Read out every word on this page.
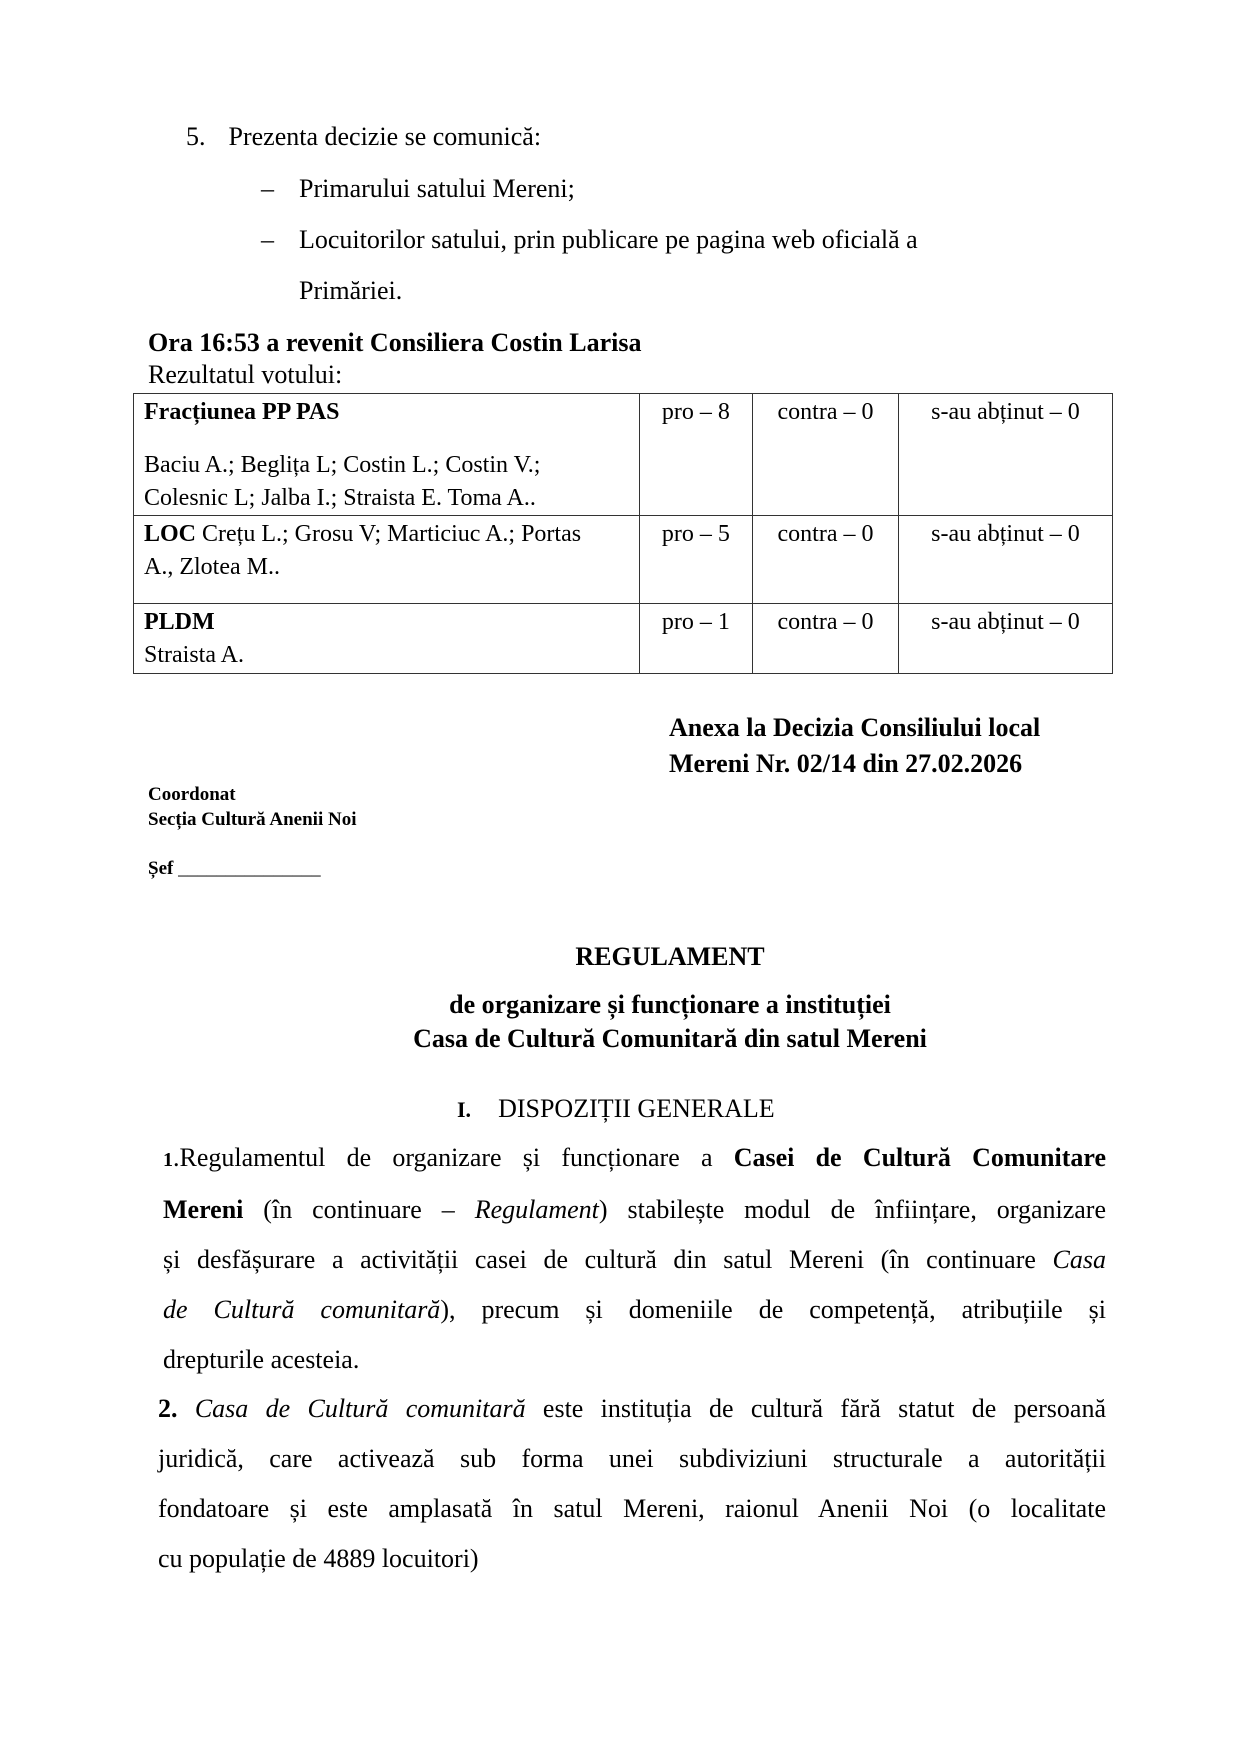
5. Prezenta decizie se comunică:
– Primarului satului Mereni;
– Locuitorilor satului, prin publicare pe pagina web oficială a
Primăriei.
Ora 16:53 a revenit Consiliera Costin Larisa
Rezultatul votului:
Fracțiunea PP PAS
Baciu A.; Beglița L; Costin L.; Costin V.;
Colesnic L; Jalba I.; Straista E. Toma A..	pro – 8	contra – 0	s-au abținut – 0

LOC Crețu L.; Grosu V; Marticiuc A.; Portas
A., Zlotea M..	pro – 5	contra – 0	s-au abținut – 0

PLDM
Straista A.	pro – 1	contra – 0	s-au abținut – 0
Anexa la Decizia Consiliului local
Mereni Nr. 02/14 din 27.02.2026
Coordonat
Secția Cultură Anenii Noi
Șef _______________
REGULAMENT
de organizare și funcționare a instituției
Casa de Cultură Comunitară din satul Mereni
I. DISPOZIȚII GENERALE
1.Regulamentul de organizare și funcționare a Casei de Cultură Comunitare
Mereni (în continuare – Regulament) stabilește modul de înființare, organizare
și desfășurare a activității casei de cultură din satul Mereni (în continuare Casa
de Cultură comunitară), precum și domeniile de competență, atribuțiile și
drepturile acesteia.
2. Casa de Cultură comunitară este instituția de cultură fără statut de persoană
juridică, care activează sub forma unei subdiviziuni structurale a autorității
fondatoare și este amplasată în satul Mereni, raionul Anenii Noi (o localitate
cu populație de 4889 locuitori)
